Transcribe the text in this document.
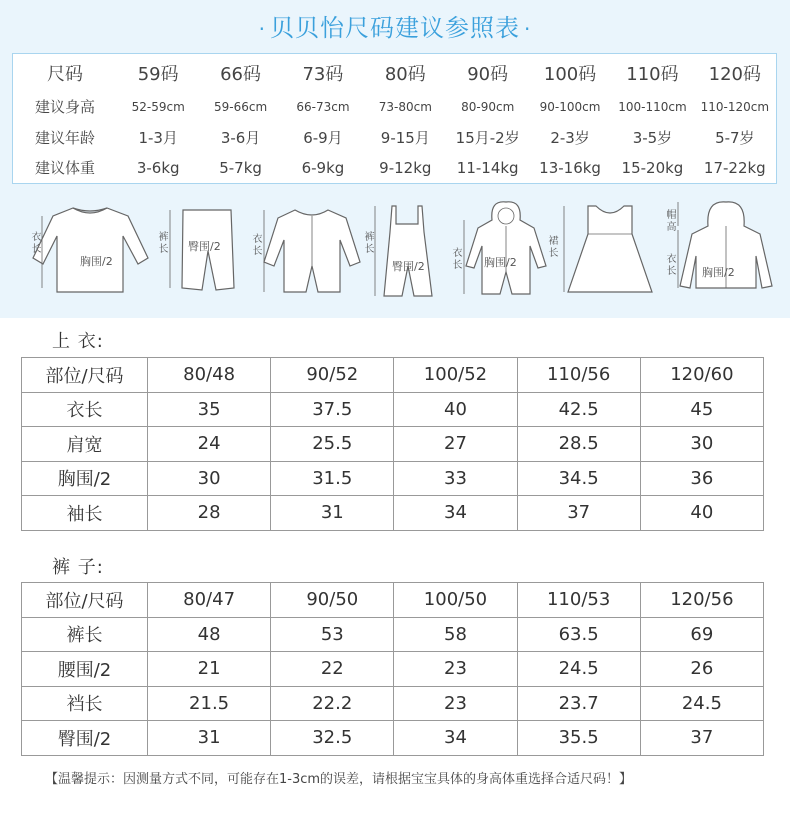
· 贝贝怡尺码建议参照表 ·
尺码	59码	66码	73码	80码	90码	100码	110码	120码
建议身高	52-59cm	59-66cm	66-73cm	73-80cm	80-90cm	90-100cm	100-110cm	110-120cm
建议年龄	1-3月	3-6月	6-9月	9-15月	15月-2岁	2-3岁	3-5岁	5-7岁
建议体重	3-6kg	5-7kg	6-9kg	9-12kg	11-14kg	13-16kg	15-20kg	17-22kg
衣长
胸围/2
裤长 臀围/2
衣长
裤长
臀围/2
衣长 胸围/2
裙长
帽高
衣长 胸围/2
上 衣:
部位/尺码	80/48	90/52	100/52	110/56	120/60
衣长	35	37.5	40	42.5	45
肩宽	24	25.5	27	28.5	30
胸围/2	30	31.5	33	34.5	36
袖长	28	31	34	37	40
裤 子:
部位/尺码	80/47	90/50	100/50	110/53	120/56
裤长	48	53	58	63.5	69
腰围/2	21	22	23	24.5	26
裆长	21.5	22.2	23	23.7	24.5
臀围/2	31	32.5	34	35.5	37
【温馨提示：因测量方式不同，可能存在1-3cm的误差，请根据宝宝具体的身高体重选择合适尺码！】
